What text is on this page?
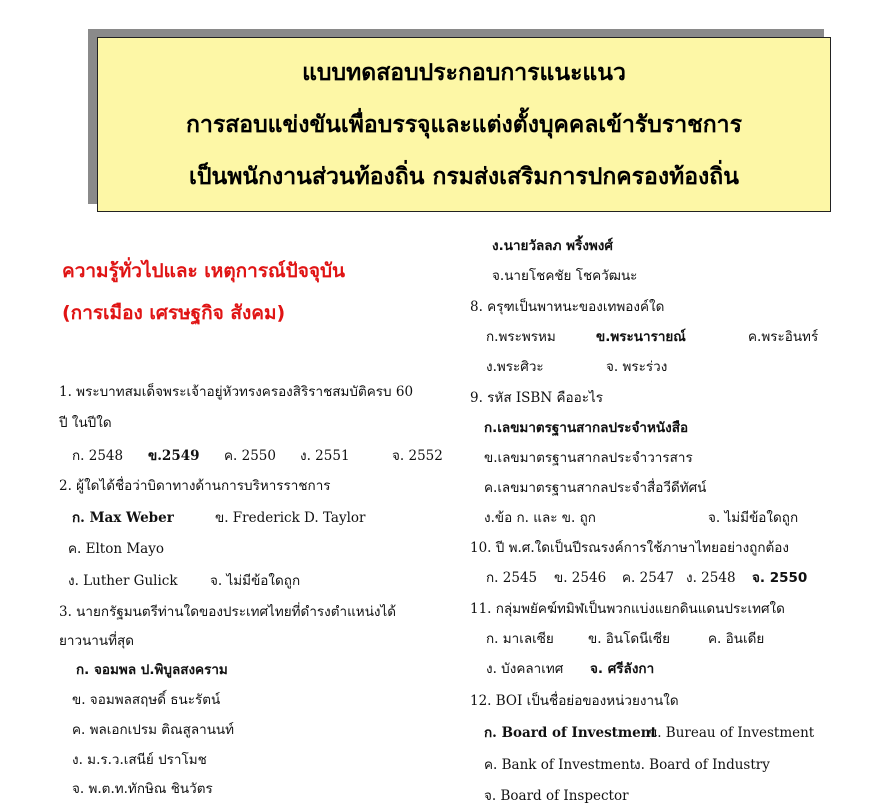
แบบทดสอบประกอบการแนะแนว
การสอบแข่งขันเพื่อบรรจุและแต่งตั้งบุคคลเข้ารับราชการ
เป็นพนักงานส่วนท้องถิ่น กรมส่งเสริมการปกครองท้องถิ่น
ความรู้ทั่วไปและ เหตุการณ์ปัจจุบัน
(การเมือง เศรษฐกิจ สังคม)
1. พระบาทสมเด็จพระเจ้าอยู่หัวทรงครองสิริราชสมบัติครบ 60
ปี ในปีใด
ก. 2548 ข.2549 ค. 2550 ง. 2551	จ. 2552
2. ผู้ใดได้ชื่อว่าบิดาทางด้านการบริหารราชการ
ก. Max Weber	ข. Frederick D. Taylor
ค. Elton Mayo
ง. Luther Gulick จ. ไม่มีข้อใดถูก
3. นายกรัฐมนตรีท่านใดของประเทศไทยที่ดำรงตำแหน่งได้
ยาวนานที่สุด
ก. จอมพล ป.พิบูลสงคราม
ข. จอมพลสฤษดิ์ ธนะรัตน์
ค. พลเอกเปรม ติณสูลานนท์
ง. ม.ร.ว.เสนีย์ ปราโมช
จ. พ.ต.ท.ทักษิณ ชินวัตร
ง.นายวัลลภ พริ้งพงศ์
จ.นายโชคชัย โชควัฒนะ
8. ครุฑเป็นพาหนะของเทพองค์ใด
ก.พระพรหม	ข.พระนารายณ์	ค.พระอินทร์
ง.พระศิวะ	จ. พระร่วง
9. รหัส ISBN คืออะไร
ก.เลขมาตรฐานสากลประจำหนังสือ
ข.เลขมาตรฐานสากลประจำวารสาร
ค.เลขมาตรฐานสากลประจำสื่อวีดีทัศน์
ง.ข้อ ก. และ ข. ถูก	จ. ไม่มีข้อใดถูก
10. ปี พ.ศ.ใดเป็นปีรณรงค์การใช้ภาษาไทยอย่างถูกต้อง
ก. 2545 ข. 2546 ค. 2547 ง. 2548 จ. 2550
11. กลุ่มพยัคฆ์ทมิฬเป็นพวกแบ่งแยกดินแดนประเทศใด
ก. มาเลเซีย	ข. อินโดนีเซีย	ค. อินเดีย
ง. บังคลาเทศ จ. ศรีลังกา
12. BOI เป็นชื่อย่อของหน่วยงานใด
ก. Board of Investment
ข. Bureau of Investment
ค. Bank of Investment
ง. Board of Industry
จ. Board of Inspector
